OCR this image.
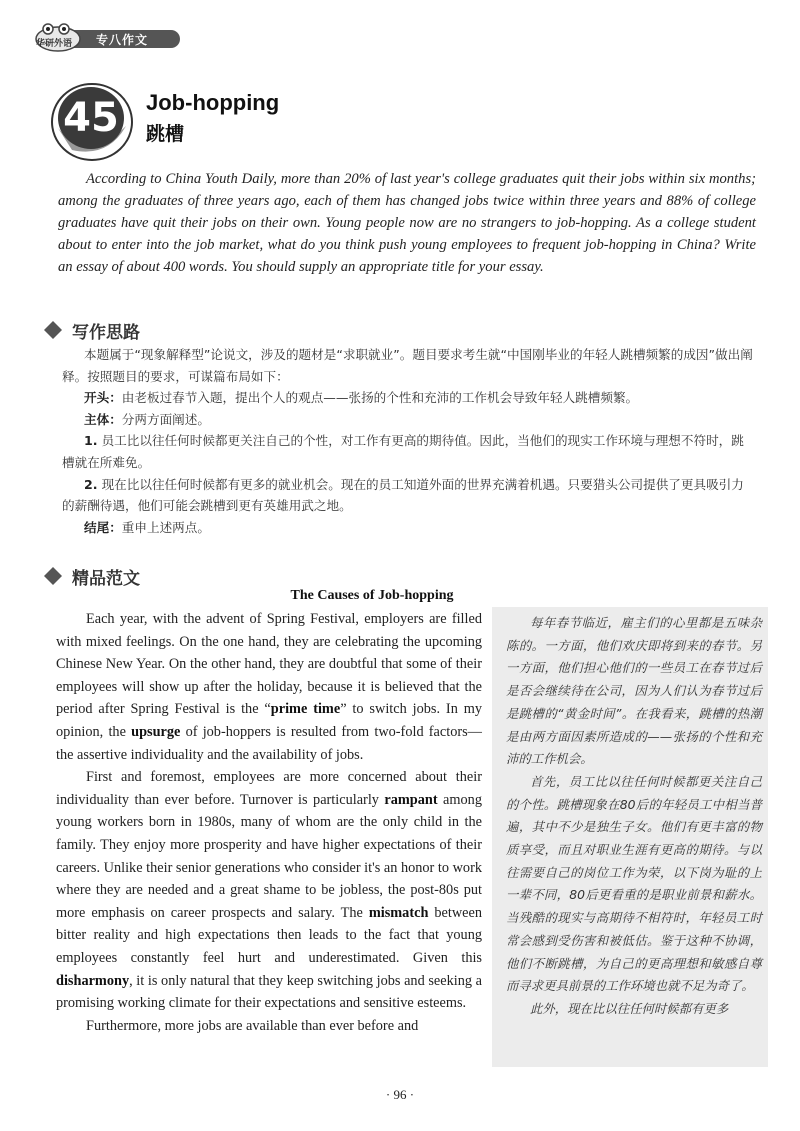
华研外语 专八作文
45 Job-hopping
跳槽

According to China Youth Daily, more than 20% of last year's college graduates quit their jobs within six months; among the graduates of three years ago, each of them has changed jobs twice within three years and 88% of college graduates have quit their jobs on their own. Young people now are no strangers to job-hopping. As a college student about to enter into the job market, what do you think push young employees to frequent job-hopping in China? Write an essay of about 400 words. You should supply an appropriate title for your essay.

写作思路

本题属于“现象解释型”论说文，涉及的题材是“求职就业”。题目要求考生就“中国刚毕业的年轻人跳槽频繁的成因”做出阐释。按照题目的要求，可谋篇布局如下：

开头：由老板过春节入题，提出个人的观点——张扬的个性和充沛的工作机会导致年轻人跳槽频繁。

主体：分两方面阐述。

1. 员工比以往任何时候都更关注自己的个性，对工作有更高的期待值。因此，当他们的现实工作环境与理想不符时，跳槽就在所难免。

2. 现在比以往任何时候都有更多的就业机会。现在的员工知道外面的世界充满着机遇。只要猎头公司提供了更具吸引力的薪酬待遇，他们可能会跳槽到更有英雄用武之地。

结尾：重申上述两点。

精品范文
The Causes of Job-hopping

Each year, with the advent of Spring Festival, employers are filled with mixed feelings. On the one hand, they are celebrating the upcoming Chinese New Year. On the other hand, they are doubtful that some of their employees will show up after the holiday, because it is believed that the period after Spring Festival is the “prime time” to switch jobs. In my opinion, the upsurge of job-hoppers is resulted from two-fold factors—the assertive individuality and the availability of jobs.

First and foremost, employees are more concerned about their individuality than ever before. Turnover is particularly rampant among young workers born in 1980s, many of whom are the only child in the family. They enjoy more prosperity and have higher expectations of their careers. Unlike their senior generations who consider it's an honor to work where they are needed and a great shame to be jobless, the post-80s put more emphasis on career prospects and salary. The mismatch between bitter reality and high expectations then leads to the fact that young employees constantly feel hurt and underestimated. Given this disharmony, it is only natural that they keep switching jobs and seeking a promising working climate for their expectations and sensitive esteems.

Furthermore, more jobs are available than ever before and

每年春节临近，雇主们的心里都是五味杂陈的。一方面，他们欢庆即将到来的春节。另一方面，他们担心他们的一些员工在春节过后是否会继续待在公司，因为人们认为春节过后是跳槽的“黄金时间”。在我看来，跳槽的热潮是由两方面因素所造成的——张扬的个性和充沛的工作机会。

首先，员工比以往任何时候都更关注自己的个性。跳槽现象在80后的年轻员工中相当普遍，其中不少是独生子女。他们有更丰富的物质享受，而且对职业生涯有更高的期待。与以往需要自己的岗位工作为荣，以下岗为耻的上一辈不同，80后更看重的是职业前景和薪水。当残酷的现实与高期待不相符时，年轻员工时常会感到受伤害和被低估。鉴于这种不协调，他们不断跳槽，为自己的更高理想和敏感自尊而寻求更具前景的工作环境也就不足为奇了。

此外，现在比以往任何时候都有更多

· 96 ·
